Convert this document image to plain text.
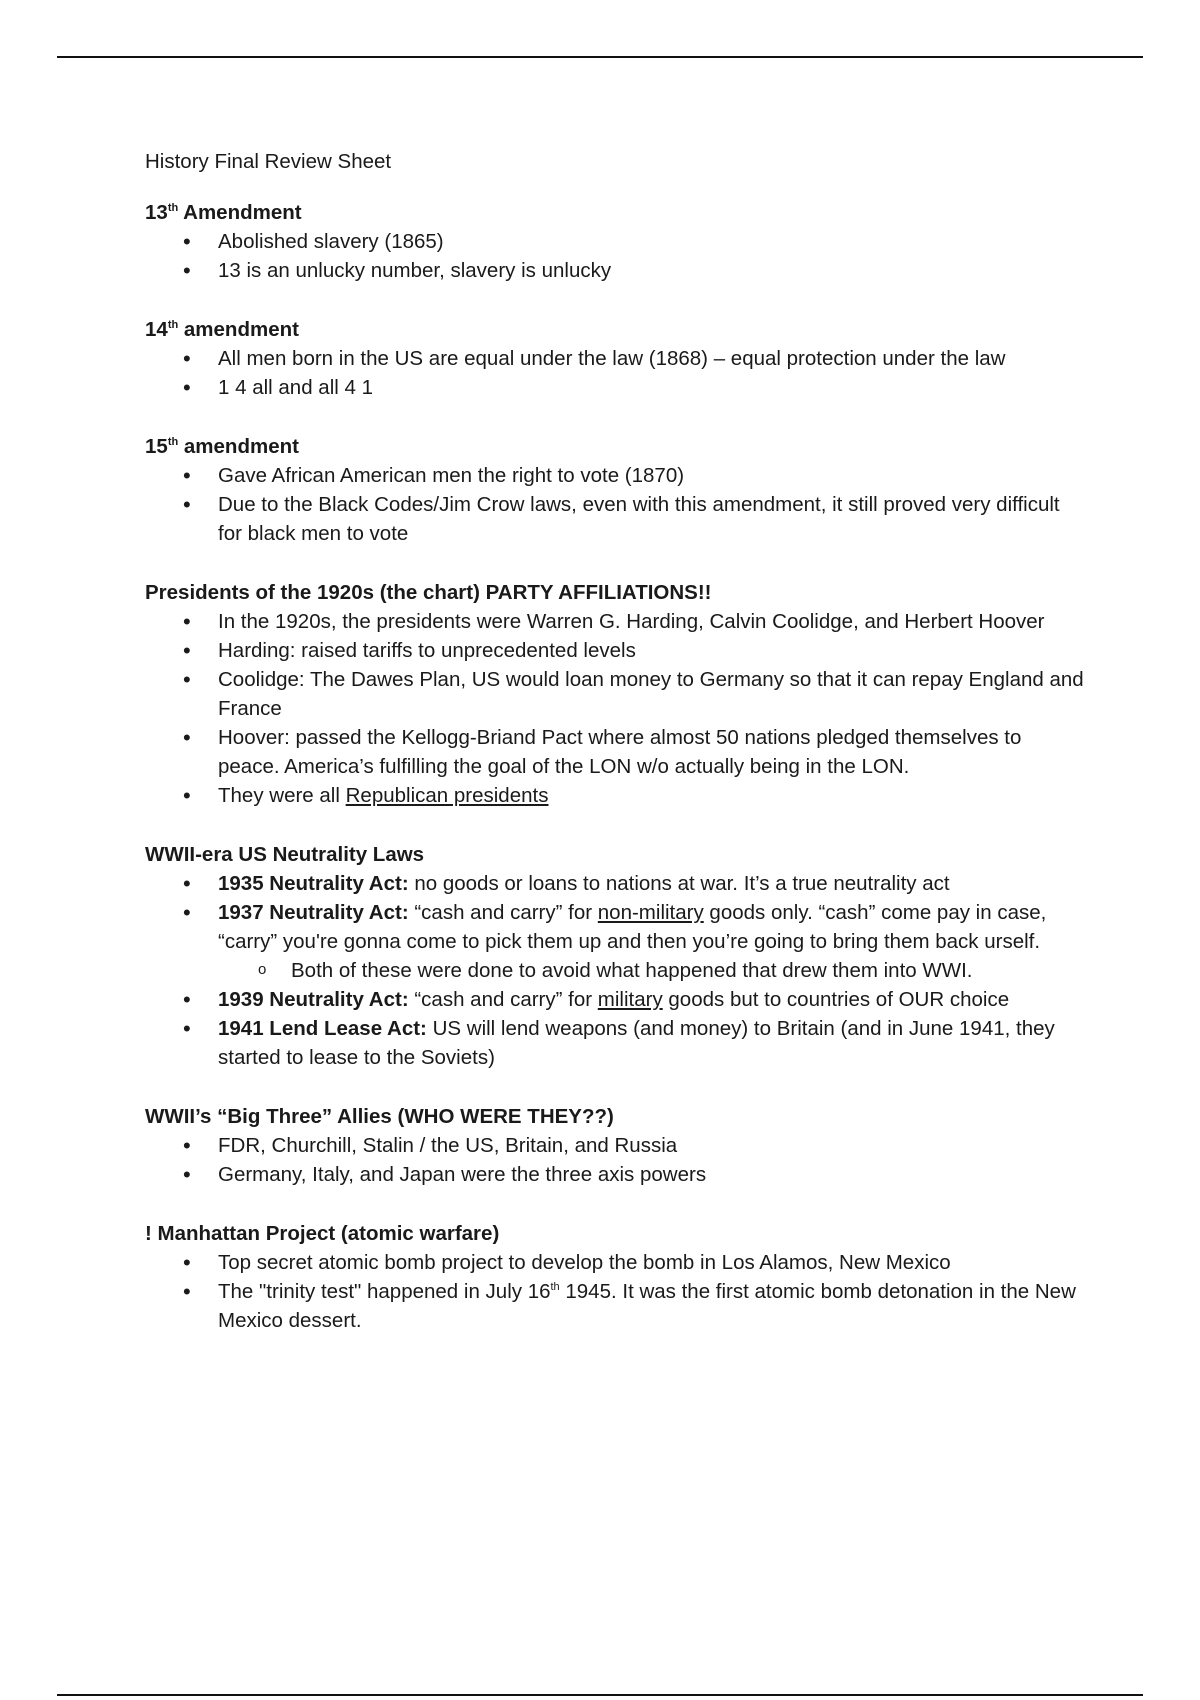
History Final Review Sheet

13th Amendment

• Abolished slavery (1865)
• 13 is an unlucky number, slavery is unlucky

14th amendment

• All men born in the US are equal under the law (1868) – equal protection under the law
• 1 4 all and all 4 1

15th amendment

• Gave African American men the right to vote (1870)
• Due to the Black Codes/Jim Crow laws, even with this amendment, it still proved very difficult for black men to vote

Presidents of the 1920s (the chart) PARTY AFFILIATIONS!!

• In the 1920s, the presidents were Warren G. Harding, Calvin Coolidge, and Herbert Hoover
• Harding: raised tariffs to unprecedented levels
• Coolidge: The Dawes Plan, US would loan money to Germany so that it can repay England and France
• Hoover: passed the Kellogg-Briand Pact where almost 50 nations pledged themselves to peace. America’s fulfilling the goal of the LON w/o actually being in the LON.
• They were all Republican presidents

WWII-era US Neutrality Laws

• 1935 Neutrality Act: no goods or loans to nations at war. It’s a true neutrality act
• 1937 Neutrality Act: “cash and carry” for non-military goods only. “cash” come pay in case, “carry” you're gonna come to pick them up and then you’re going to bring them back urself.
o Both of these were done to avoid what happened that drew them into WWI.
• 1939 Neutrality Act: “cash and carry” for military goods but to countries of OUR choice
• 1941 Lend Lease Act: US will lend weapons (and money) to Britain (and in June 1941, they started to lease to the Soviets)

WWII’s “Big Three” Allies (WHO WERE THEY??)

• FDR, Churchill, Stalin / the US, Britain, and Russia
• Germany, Italy, and Japan were the three axis powers

! Manhattan Project (atomic warfare)

• Top secret atomic bomb project to develop the bomb in Los Alamos, New Mexico
• The "trinity test" happened in July 16th 1945. It was the first atomic bomb detonation in the New Mexico dessert.
